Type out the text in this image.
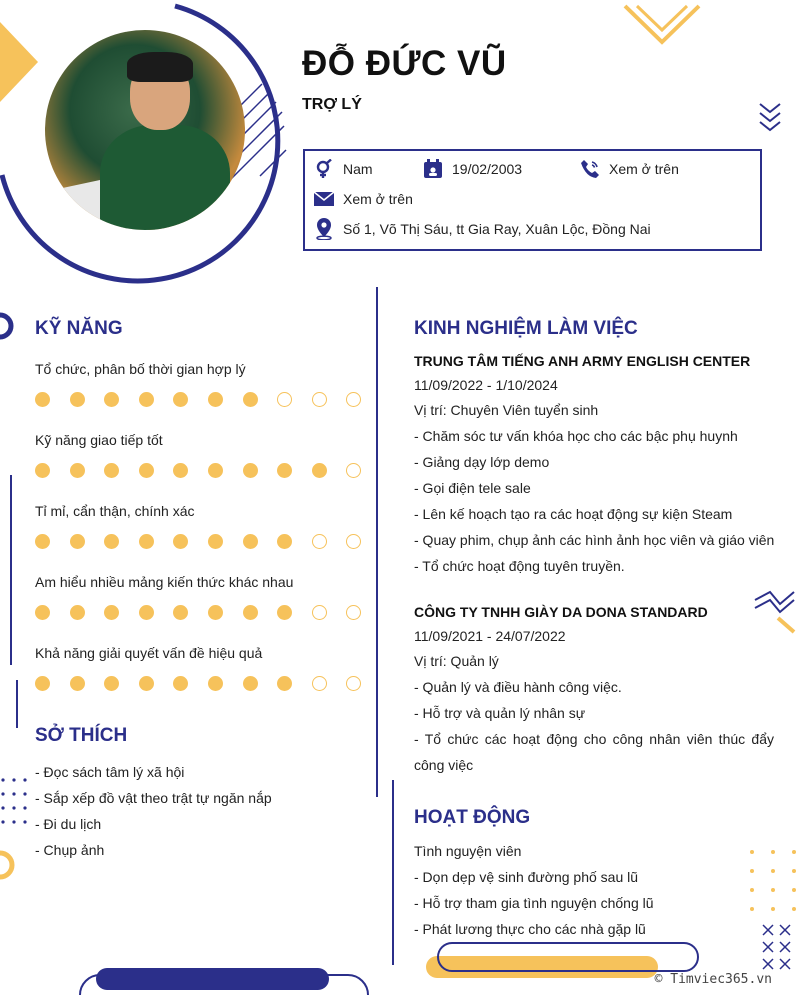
ĐỖ ĐỨC VŨ
TRỢ LÝ
Nam	19/02/2003	Xem ở trên
Xem ở trên
Số 1, Võ Thị Sáu, tt Gia Ray, Xuân Lộc, Đồng Nai
KỸ NĂNG
Tổ chức, phân bố thời gian hợp lý
Kỹ năng giao tiếp tốt
Tỉ mỉ, cẩn thận, chính xác
Am hiểu nhiều mảng kiến thức khác nhau
Khả năng giải quyết vấn đề hiệu quả
SỞ THÍCH
- Đọc sách tâm lý xã hội
- Sắp xếp đồ vật theo trật tự ngăn nắp
- Đi du lịch
- Chụp ảnh
KINH NGHIỆM LÀM VIỆC
TRUNG TÂM TIẾNG ANH ARMY ENGLISH CENTER
11/09/2022 - 1/10/2024
Vị trí: Chuyên Viên tuyển sinh
- Chăm sóc tư vấn khóa học cho các bậc phụ huynh
- Giảng dạy lớp demo
- Gọi điện tele sale
- Lên kế hoạch tạo ra các hoạt động sự kiện Steam
- Quay phim, chụp ảnh các hình ảnh học viên và giáo viên
- Tổ chức hoạt động tuyên truyền.
CÔNG TY TNHH GIÀY DA DONA STANDARD
11/09/2021 - 24/07/2022
Vị trí: Quản lý
- Quản lý và điều hành công việc.
- Hỗ trợ và quản lý nhân sự
- Tổ chức các hoạt động cho công nhân viên thúc đẩy
công việc
HOẠT ĐỘNG
Tình nguyện viên
- Dọn dẹp vệ sinh đường phố sau lũ
- Hỗ trợ tham gia tình nguyện chống lũ
- Phát lương thực cho các nhà gặp lũ
© Timviec365.vn
